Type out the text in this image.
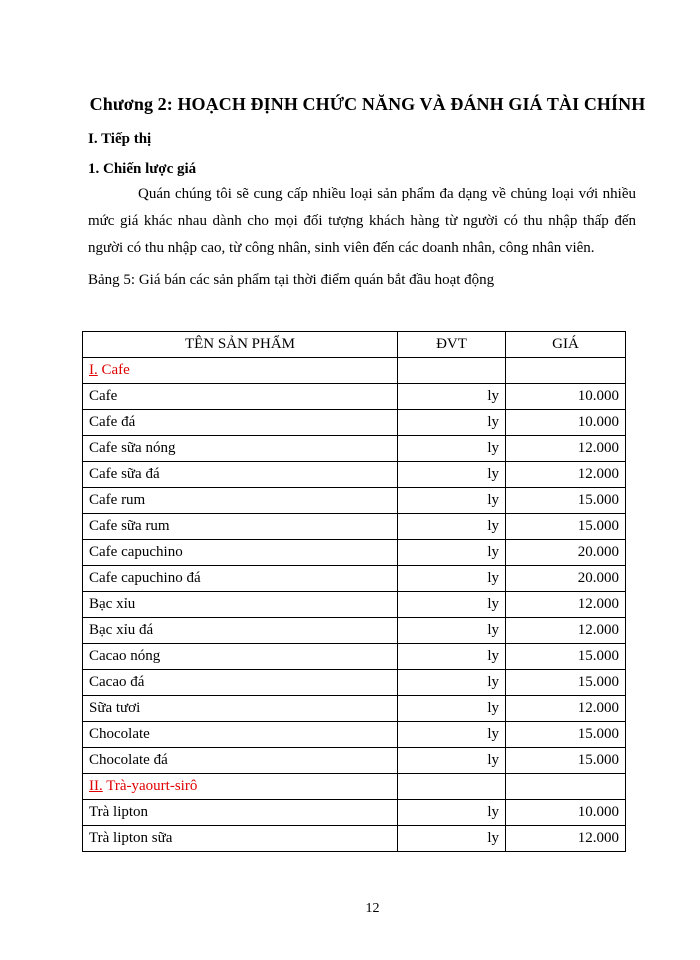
Chương 2: HOẠCH ĐỊNH CHỨC NĂNG VÀ ĐÁNH GIÁ TÀI CHÍNH
I. Tiếp thị
1. Chiến lược giá
Quán chúng tôi sẽ cung cấp nhiều loại sản phẩm đa dạng về chủng loại với nhiều mức giá khác nhau dành cho mọi đối tượng khách hàng từ người có thu nhập thấp đến người có thu nhập cao, từ công nhân, sinh viên đến các doanh nhân, công nhân viên.
Bảng 5: Giá bán các sản phẩm tại thời điểm quán bắt đầu hoạt động
TÊN SẢN PHẨM	ĐVT	GIÁ
I. Cafe		
Cafe	ly	10.000
Cafe đá	ly	10.000
Cafe sữa nóng	ly	12.000
Cafe sữa đá	ly	12.000
Cafe rum	ly	15.000
Cafe sữa rum	ly	15.000
Cafe capuchino	ly	20.000
Cafe capuchino đá	ly	20.000
Bạc xỉu	ly	12.000
Bạc xỉu đá	ly	12.000
Cacao nóng	ly	15.000
Cacao đá	ly	15.000
Sữa tươi	ly	12.000
Chocolate	ly	15.000
Chocolate đá	ly	15.000
II. Trà-yaourt-sirô		
Trà lipton	ly	10.000
Trà lipton sữa	ly	12.000
12
